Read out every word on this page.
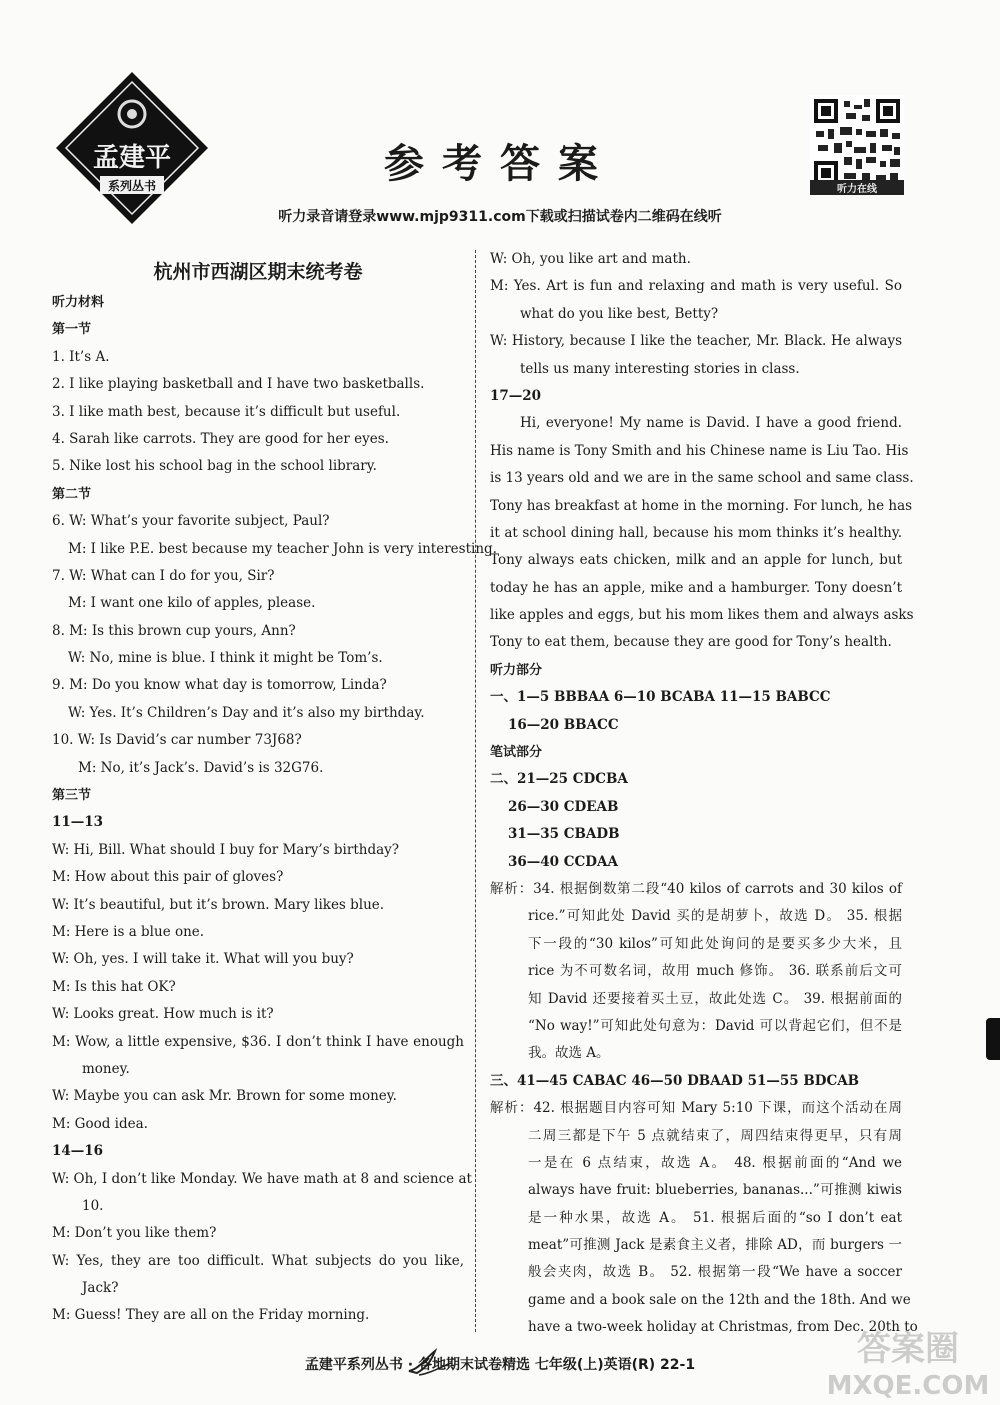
孟建平
系列丛书	参考答案
听力在线
听力录音请登录www.mjp9311.com下载或扫描试卷内二维码在线听
杭州市西湖区期末统考卷
听力材料
第一节
1. It’s A.
2. I like playing basketball and I have two basketballs.
3. I like math best, because it’s difficult but useful.
4. Sarah like carrots. They are good for her eyes.
5. Nike lost his school bag in the school library.
第二节
6. W: What’s your favorite subject, Paul?
M: I like P.E. best because my teacher John is very interesting.
7. W: What can I do for you, Sir?
M: I want one kilo of apples, please.
8. M: Is this brown cup yours, Ann?
W: No, mine is blue. I think it might be Tom’s.
9. M: Do you know what day is tomorrow, Linda?
W: Yes. It’s Children’s Day and it’s also my birthday.
10. W: Is David’s car number 73J68?
M: No, it’s Jack’s. David’s is 32G76.
第三节
11—13
W: Hi, Bill. What should I buy for Mary’s birthday?
M: How about this pair of gloves?
W: It’s beautiful, but it’s brown. Mary likes blue.
M: Here is a blue one.
W: Oh, yes. I will take it. What will you buy?
M: Is this hat OK?
W: Looks great. How much is it?
M: Wow, a little expensive, $36. I don’t think I have enough
money.
W: Maybe you can ask Mr. Brown for some money.
M: Good idea.
14—16
W: Oh, I don’t like Monday. We have math at 8 and science at
10.
M: Don’t you like them?
W: Yes, they are too difficult. What subjects do you like,
Jack?
M: Guess! They are all on the Friday morning.
W: Oh, you like art and math.
M: Yes. Art is fun and relaxing and math is very useful. So
what do you like best, Betty?
W: History, because I like the teacher, Mr. Black. He always
tells us many interesting stories in class.
17—20
Hi, everyone! My name is David. I have a good friend.
His name is Tony Smith and his Chinese name is Liu Tao. His
is 13 years old and we are in the same school and same class.
Tony has breakfast at home in the morning. For lunch, he has
it at school dining hall, because his mom thinks it’s healthy.
Tony always eats chicken, milk and an apple for lunch, but
today he has an apple, mike and a hamburger. Tony doesn’t
like apples and eggs, but his mom likes them and always asks
Tony to eat them, because they are good for Tony’s health.
听力部分
一、1—5 BBBAA 6—10 BCABA 11—15 BABCC
16—20 BBACC
笔试部分
二、21—25 CDCBA
26—30 CDEAB
31—35 CBADB
36—40 CCDAA
解析：34. 根据倒数第二段“40 kilos of carrots and 30 kilos of
rice.”可知此处 David 买的是胡萝卜，故选 D。 35. 根据
下一段的“30 kilos”可知此处询问的是要买多少大米，且
rice 为不可数名词，故用 much 修饰。 36. 联系前后文可
知 David 还要接着买土豆，故此处选 C。 39. 根据前面的
“No way!”可知此处句意为：David 可以背起它们，但不是
我。故选 A。
三、41—45 CABAC 46—50 DBAAD 51—55 BDCAB
解析：42. 根据题目内容可知 Mary 5:10 下课，而这个活动在周
二周三都是下午 5 点就结束了，周四结束得更早，只有周
一是在 6 点结束，故选 A。 48. 根据前面的“And we
always have fruit: blueberries, bananas...”可推测 kiwis
是一种水果，故选 A。 51. 根据后面的“so I don’t eat
meat”可推测 Jack 是素食主义者，排除 AD，而 burgers 一
般会夹肉，故选 B。 52. 根据第一段“We have a soccer
game and a book sale on the 12th and the 18th. And we
have a two-week holiday at Christmas, from Dec. 20th to
孟建平系列丛书 · 各地期末试卷精选 七年级(上)英语(R) 22-1	答案圈
MXQE.COM
